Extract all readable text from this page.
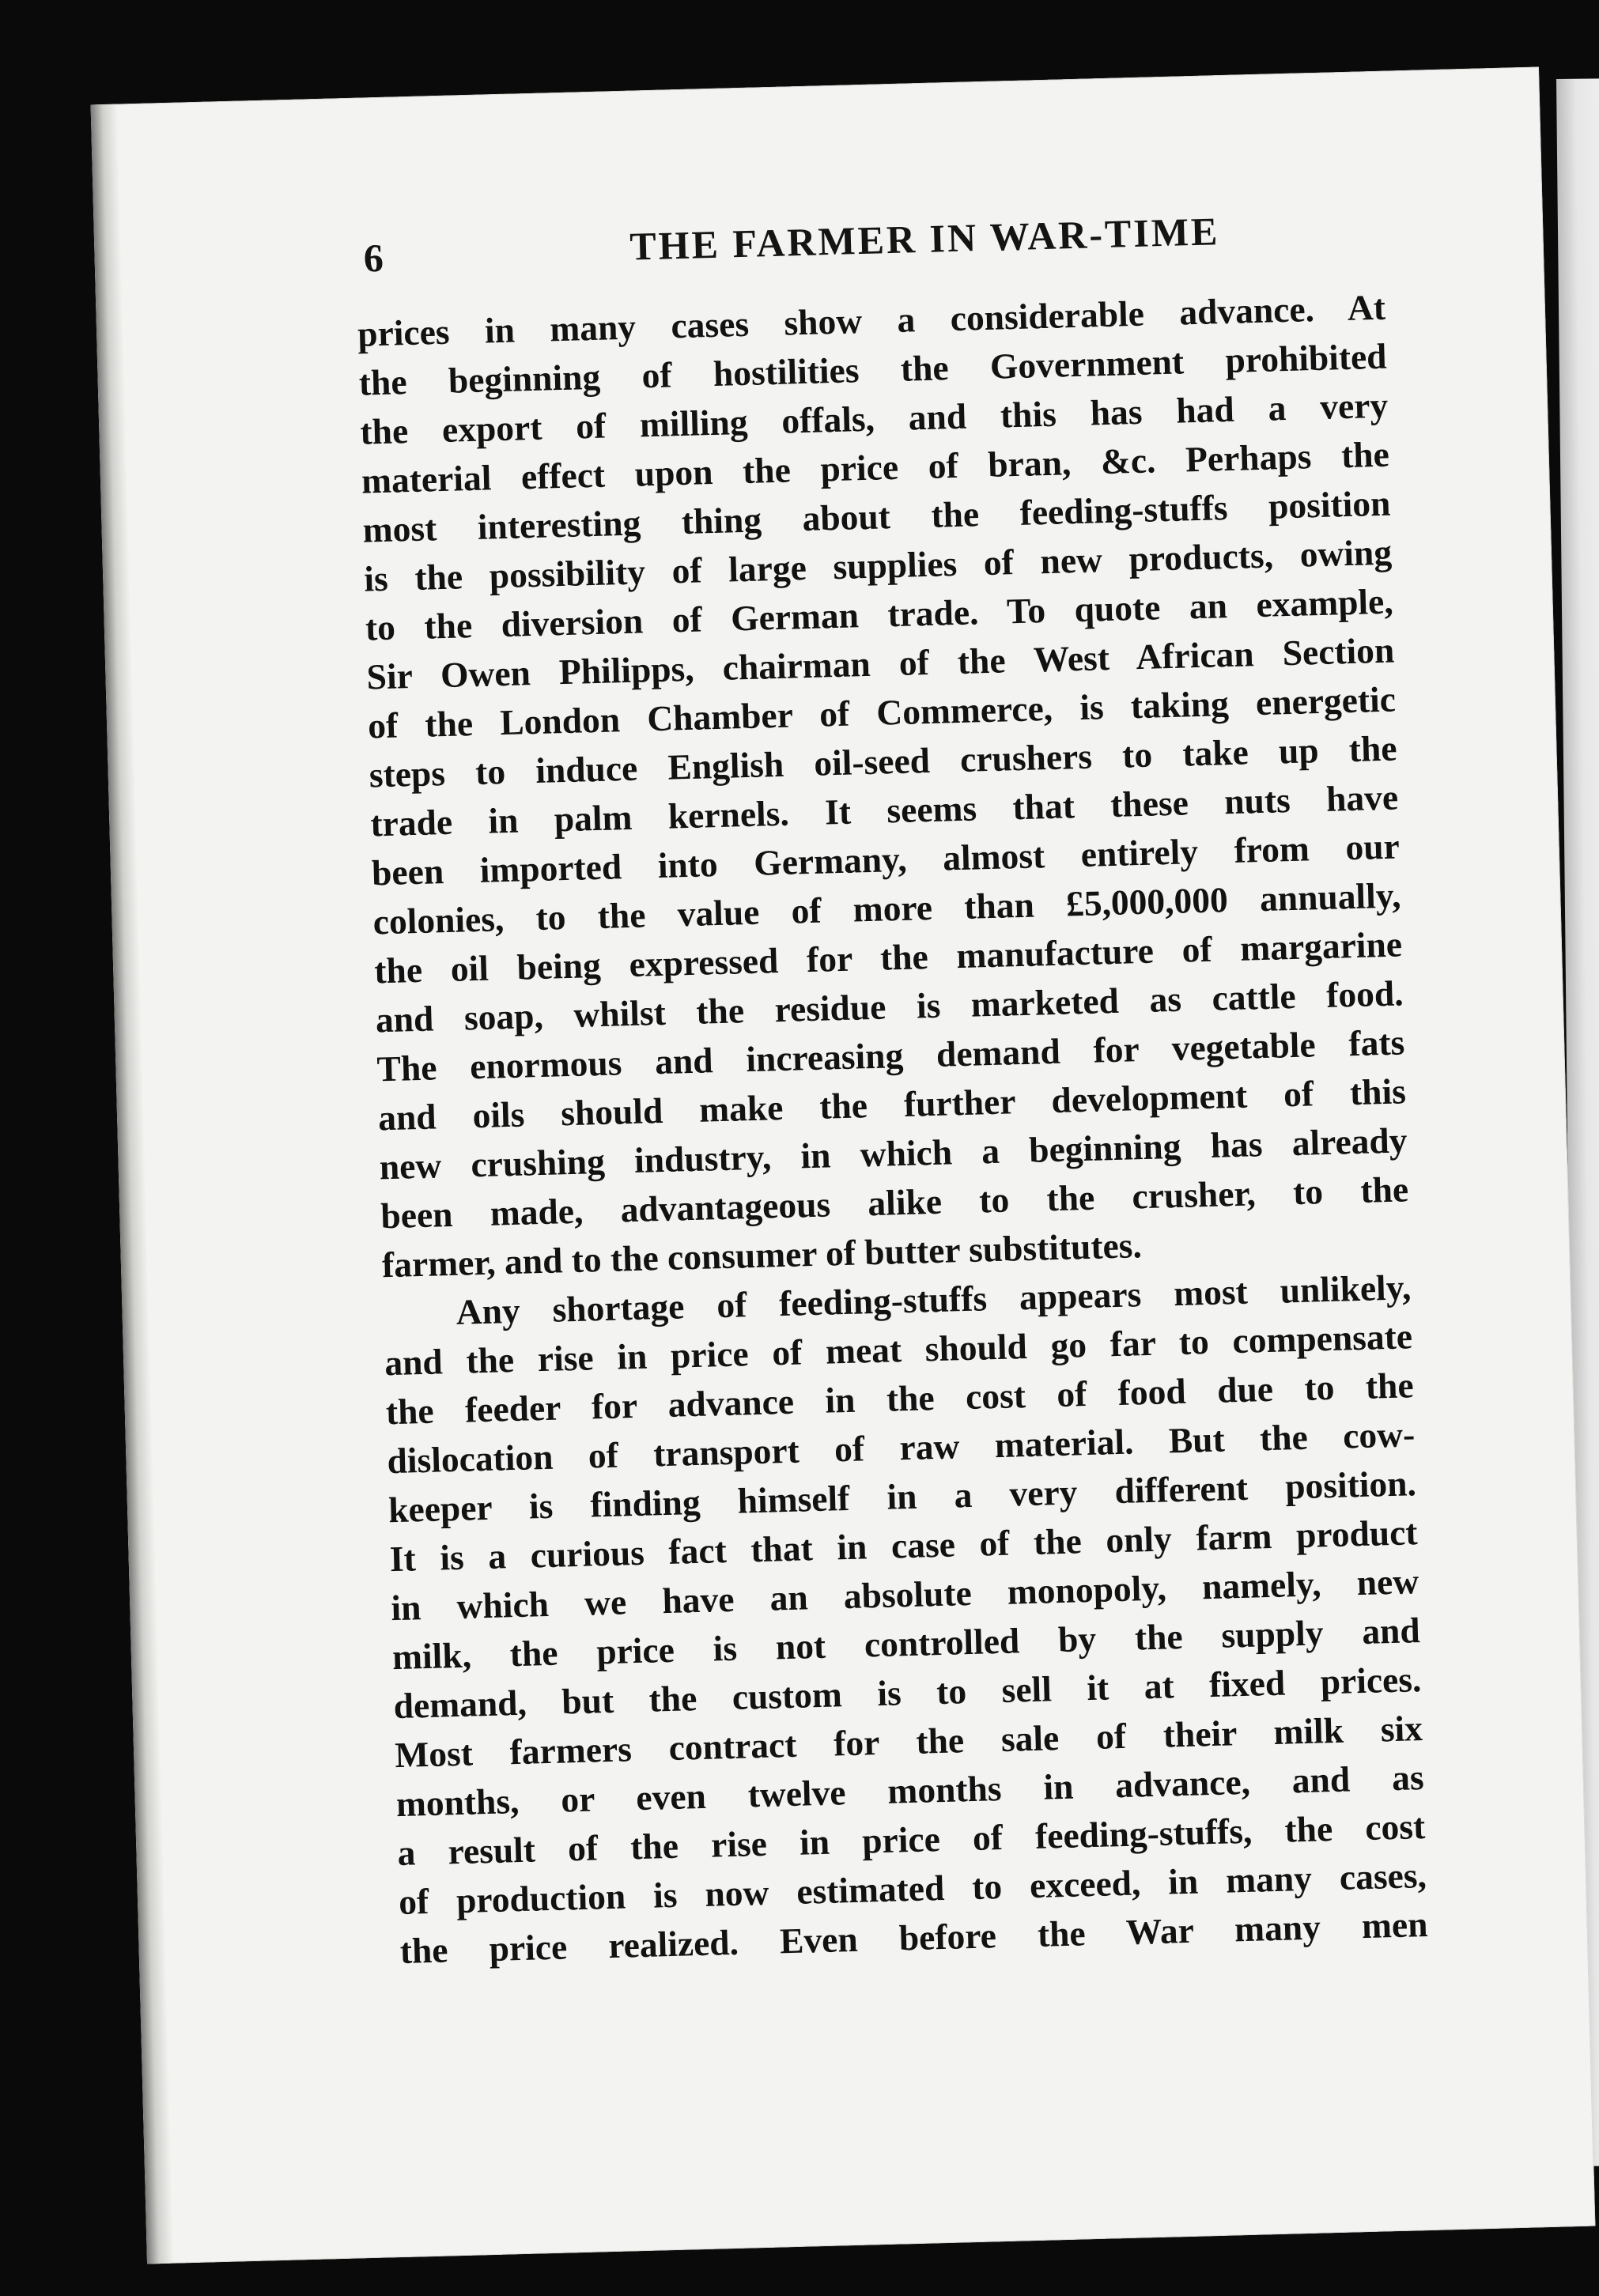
6	THE FARMER IN WAR-TIME
prices in many cases show a considerable advance. At
the beginning of hostilities the Government prohibited
the export of milling offals, and this has had a very
material effect upon the price of bran, &c. Perhaps the
most interesting thing about the feeding-stuffs position
is the possibility of large supplies of new products, owing
to the diversion of German trade. To quote an example,
Sir Owen Philipps, chairman of the West African Section
of the London Chamber of Commerce, is taking energetic
steps to induce English oil-seed crushers to take up the
trade in palm kernels. It seems that these nuts have
been imported into Germany, almost entirely from our
colonies, to the value of more than £5,000,000 annually,
the oil being expressed for the manufacture of margarine
and soap, whilst the residue is marketed as cattle food.
The enormous and increasing demand for vegetable fats
and oils should make the further development of this
new crushing industry, in which a beginning has already
been made, advantageous alike to the crusher, to the
farmer, and to the consumer of butter substitutes.
Any shortage of feeding-stuffs appears most unlikely,
and the rise in price of meat should go far to compensate
the feeder for advance in the cost of food due to the
dislocation of transport of raw material. But the cow-
keeper is finding himself in a very different position.
It is a curious fact that in case of the only farm product
in which we have an absolute monopoly, namely, new
milk, the price is not controlled by the supply and
demand, but the custom is to sell it at fixed prices.
Most farmers contract for the sale of their milk six
months, or even twelve months in advance, and as
a result of the rise in price of feeding-stuffs, the cost
of production is now estimated to exceed, in many cases,
the price realized. Even before the War many men
